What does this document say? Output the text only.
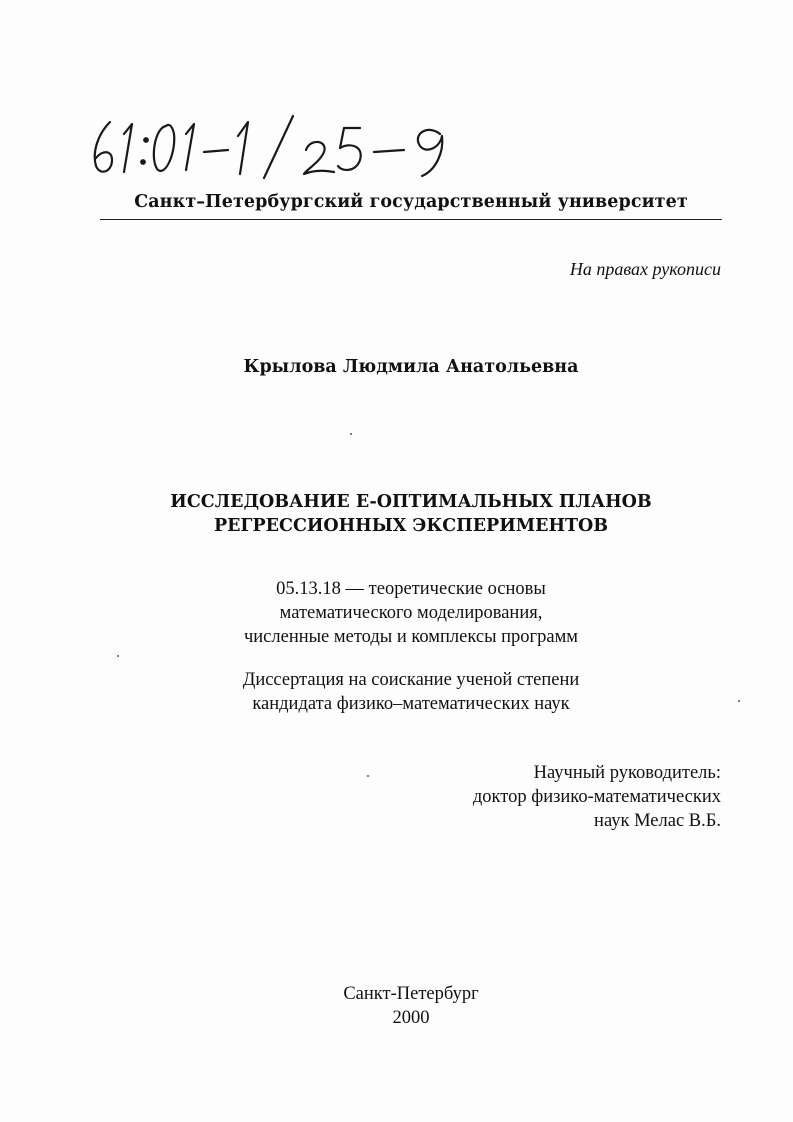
Санкт–Петербургский государственный университет
На правах рукописи
Крылова Людмила Анатольевна
ИССЛЕДОВАНИЕ E-ОПТИМАЛЬНЫХ ПЛАНОВ
РЕГРЕССИОННЫХ ЭКСПЕРИМЕНТОВ
05.13.18 — теоретические основы
математического моделирования,
численные методы и комплексы программ
Диссертация на соискание ученой степени
кандидата физико–математических наук
Научный руководитель:
доктор физико-математических
наук Мелас В.Б.
Санкт-Петербург
2000
